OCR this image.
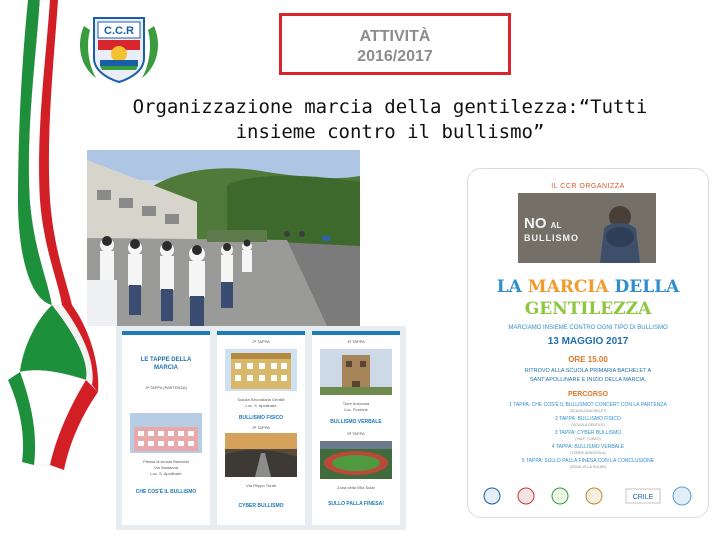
C.C.R	ATTIVITÀ
2016/2017
Organizzazione marcia della gentilezza:“Tutti
insieme contro il bullismo”
LE TAPPE DELLA
MARCIA
1ª TAPPA (PARTENZA)
Plesso di scuola Bachelet
Via Santanna
Loc. S. Apollinare
CHE COS'È IL BULLISMO
2ª TAPPA
Scuola Secondaria Gentile
Loc. S. Apollinare
BULLISMO FISICO
3ª TAPPA
Via Filippo Turati
CYBER BULLISMO
4ª TAPPA
Torre Ansovola
Loc. Pontone
BULLISMO VERBALE
5ª TAPPA
Zona della Villa Solar
SULLO PALLA FINESA!
IL CCR ORGANIZZA
NO AL
BULLISMO
LA MARCIA DELLA
GENTILEZZA
MARCIAMO INSIEME CONTRO OGNI TIPO DI BULLISMO
13 MAGGIO 2017
ORE 15.00
RITROVO ALLA SCUOLA PRIMARIA BACHELET A
SANT'APOLLINARE E INIZIO DELLA MARCIA.
PERCORSO
1 TAPPA: CHE COS'È IL BULLISMO? CONCERT CON LA PARTENZA
(SCUOLA BACHELET)
2 TAPPA: BULLISMO FISICO
(SCUOLA GENTILE)
3 TAPPA: CYBER BULLISMO
(VIA F. TURATI)
4 TAPPA: BULLISMO VERBALE
(TORRE ANSOVOLA)
5 TAPPA: SULLO PALLA FINESA CON LA CONCLUSIONE
(ZONA VILLA SOLAR)
CRILE
